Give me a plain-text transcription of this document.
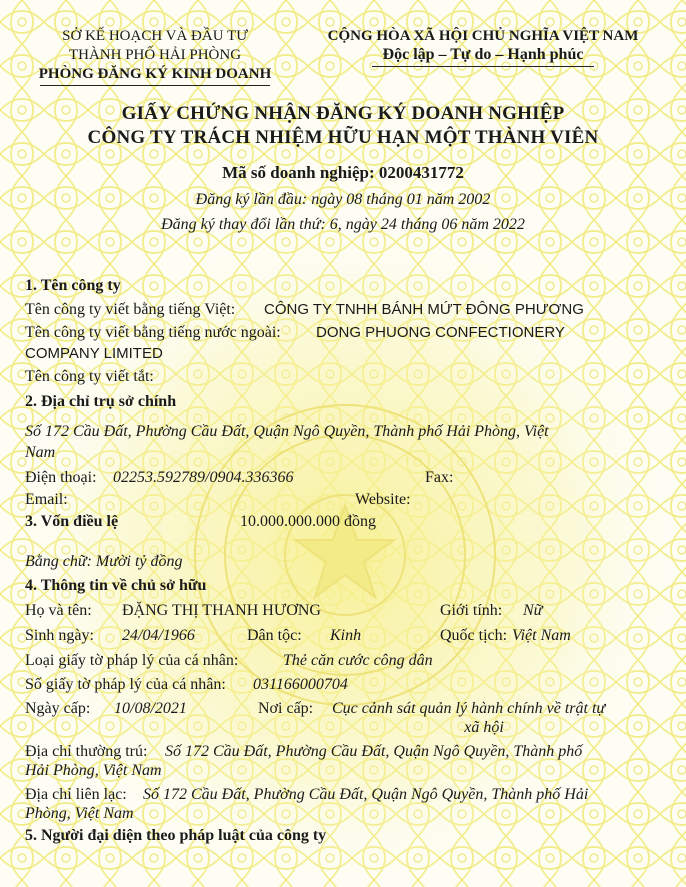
SỞ KẾ HOẠCH VÀ ĐẦU TƯ
THÀNH PHỐ HẢI PHÒNG
PHÒNG ĐĂNG KÝ KINH DOANH
CỘNG HÒA XÃ HỘI CHỦ NGHĨA VIỆT NAM
Độc lập – Tự do – Hạnh phúc
GIẤY CHỨNG NHẬN ĐĂNG KÝ DOANH NGHIỆP
CÔNG TY TRÁCH NHIỆM HỮU HẠN MỘT THÀNH VIÊN
Mã số doanh nghiệp: 0200431772
Đăng ký lần đầu: ngày 08 tháng 01 năm 2002
Đăng ký thay đổi lần thứ: 6, ngày 24 tháng 06 năm 2022
1. Tên công ty
Tên công ty viết bằng tiếng Việt: CÔNG TY TNHH BÁNH MỨT ĐÔNG PHƯƠNG
Tên công ty viết bằng tiếng nước ngoài: DONG PHUONG CONFECTIONERY
COMPANY LIMITED
Tên công ty viết tắt:
2. Địa chỉ trụ sở chính
Số 172 Cầu Đất, Phường Cầu Đất, Quận Ngô Quyền, Thành phố Hải Phòng, Việt
Nam
Điện thoại: 02253.592789/0904.336366	Fax:
Email:	Website:
3. Vốn điều lệ	10.000.000.000 đồng
Bằng chữ: Mười tỷ đồng
4. Thông tin về chủ sở hữu
Họ và tên: ĐẶNG THỊ THANH HƯƠNG	Giới tính: Nữ
Sinh ngày: 24/04/1966	Dân tộc: Kinh	Quốc tịch: Việt Nam
Loại giấy tờ pháp lý của cá nhân:	Thẻ căn cước công dân
Số giấy tờ pháp lý của cá nhân: 031166000704
Ngày cấp: 10/08/2021	Nơi cấp: Cục cảnh sát quản lý hành chính về trật tự
xã hội
Địa chỉ thường trú: Số 172 Cầu Đất, Phường Cầu Đất, Quận Ngô Quyền, Thành phố
Hải Phòng, Việt Nam
Địa chỉ liên lạc: Số 172 Cầu Đất, Phường Cầu Đất, Quận Ngô Quyền, Thành phố Hải
Phòng, Việt Nam
5. Người đại diện theo pháp luật của công ty
